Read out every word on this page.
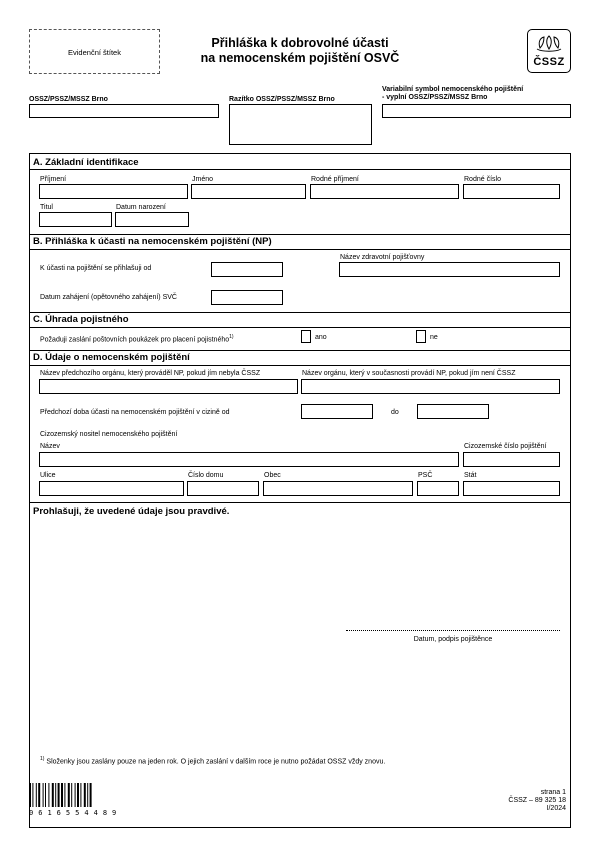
Evidenční štítek
Přihláška k dobrovolné účasti
na nemocenském pojištění OSVČ	ČSSZ
OSSZ/PSSZ/MSSZ Brno	Razítko OSSZ/PSSZ/MSSZ Brno
Variabilní symbol nemocenského pojištění
- vyplní OSSZ/PSSZ/MSSZ Brno
A. Základní identifikace
Příjmení	Jméno	Rodné příjmení	Rodné číslo
Titul	Datum narození
B. Přihláška k účasti na nemocenském pojištění (NP)
K účasti na pojištění se přihlašuji od
Název zdravotní pojišťovny
Datum zahájení (opětovného zahájení) SVČ
C. Úhrada pojistného
Požaduji zaslání poštovních poukázek pro placení pojistného$^{1)}$	ano	ne
D. Údaje o nemocenském pojištění
Název předchozího orgánu, který prováděl NP, pokud jím nebyla ČSSZ	Název orgánu, který v současnosti provádí NP, pokud jím není ČSSZ
Předchozí doba účasti na nemocenském pojištění v cizině od	do
Cizozemský nositel nemocenského pojištění
Název	Cizozemské číslo pojištění
Ulice	Číslo domu	Obec	PSČ	Stát
Prohlašuji, že uvedené údaje jsou pravdivé.
Datum, podpis pojištěnce
$^{1)}$ Složenky jsou zaslány pouze na jeden rok. O jejich zaslání v dalším roce je nutno požádat OSSZ vždy znovu.
0 6 1 6 5 5 4 4 8 9
strana 1
ČSSZ – 89 325 18
I/2024
